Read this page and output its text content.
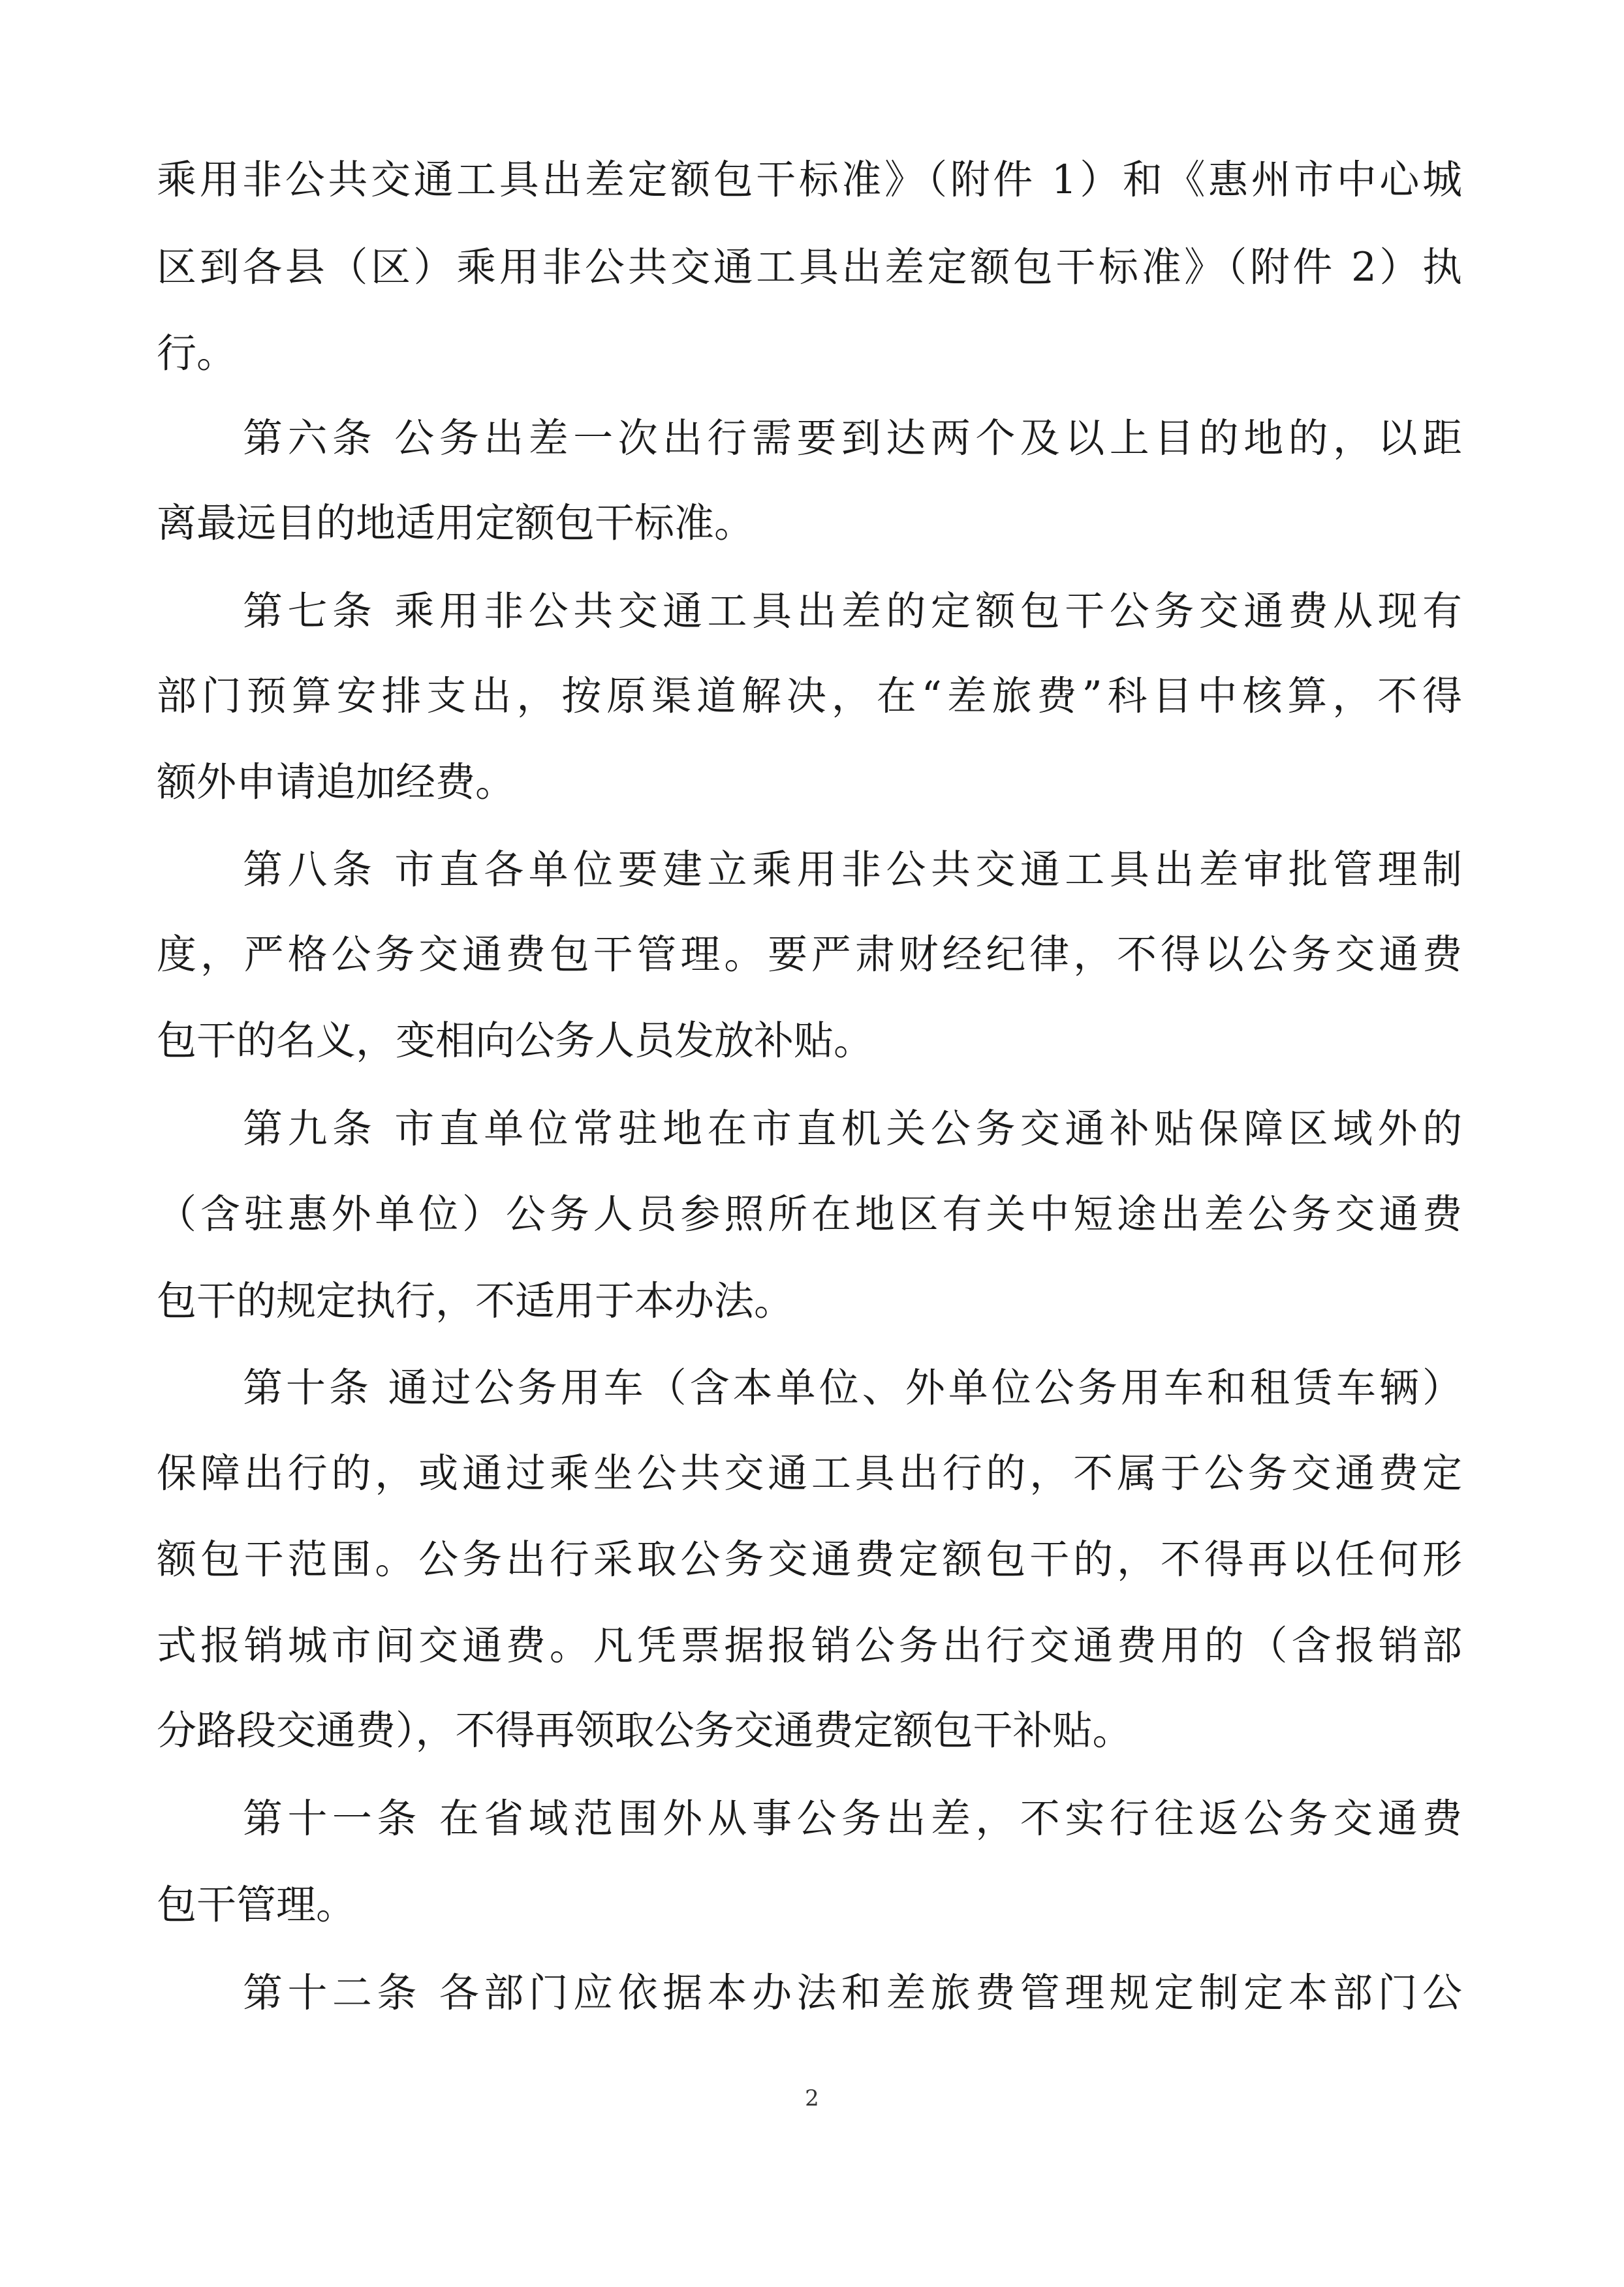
乘用非公共交通工具出差定额包干标准》（附件 1）和《惠州市中心城
区到各县（区）乘用非公共交通工具出差定额包干标准》（附件 2）执
行。
第六条 公务出差一次出行需要到达两个及以上目的地的，以距
离最远目的地适用定额包干标准。
第七条 乘用非公共交通工具出差的定额包干公务交通费从现有
部门预算安排支出，按原渠道解决，在“差旅费”科目中核算，不得
额外申请追加经费。
第八条 市直各单位要建立乘用非公共交通工具出差审批管理制
度，严格公务交通费包干管理。要严肃财经纪律，不得以公务交通费
包干的名义，变相向公务人员发放补贴。
第九条 市直单位常驻地在市直机关公务交通补贴保障区域外的
（含驻惠外单位）公务人员参照所在地区有关中短途出差公务交通费
包干的规定执行，不适用于本办法。
第十条 通过公务用车（含本单位、外单位公务用车和租赁车辆）
保障出行的，或通过乘坐公共交通工具出行的，不属于公务交通费定
额包干范围。公务出行采取公务交通费定额包干的，不得再以任何形
式报销城市间交通费。凡凭票据报销公务出行交通费用的（含报销部
分路段交通费），不得再领取公务交通费定额包干补贴。
第十一条 在省域范围外从事公务出差，不实行往返公务交通费
包干管理。
第十二条 各部门应依据本办法和差旅费管理规定制定本部门公
2
